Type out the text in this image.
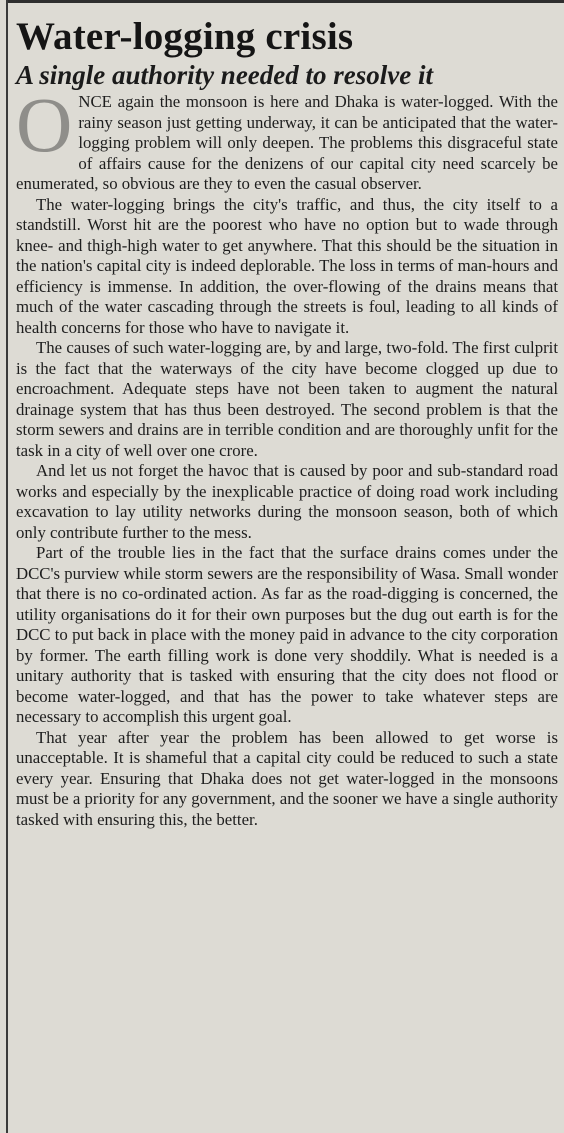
Water-logging crisis
A single authority needed to resolve it

ONCE again the monsoon is here and Dhaka is water-logged. With the rainy season just getting underway, it can be anticipated that the water-logging problem will only deepen. The problems this disgraceful state of affairs cause for the denizens of our capital city need scarcely be enumerated, so obvious are they to even the casual observer.

The water-logging brings the city's traffic, and thus, the city itself to a standstill. Worst hit are the poorest who have no option but to wade through knee- and thigh-high water to get anywhere. That this should be the situation in the nation's capital city is indeed deplorable. The loss in terms of man-hours and efficiency is immense. In addition, the over-flowing of the drains means that much of the water cascading through the streets is foul, leading to all kinds of health concerns for those who have to navigate it.

The causes of such water-logging are, by and large, two-fold. The first culprit is the fact that the waterways of the city have become clogged up due to encroachment. Adequate steps have not been taken to augment the natural drainage system that has thus been destroyed. The second problem is that the storm sewers and drains are in terrible condition and are thoroughly unfit for the task in a city of well over one crore.

And let us not forget the havoc that is caused by poor and sub-standard road works and especially by the inexplicable practice of doing road work including excavation to lay utility networks during the monsoon season, both of which only contribute further to the mess.

Part of the trouble lies in the fact that the surface drains comes under the DCC's purview while storm sewers are the responsibility of Wasa. Small wonder that there is no co-ordinated action. As far as the road-digging is concerned, the utility organisations do it for their own purposes but the dug out earth is for the DCC to put back in place with the money paid in advance to the city corporation by former. The earth filling work is done very shoddily. What is needed is a unitary authority that is tasked with ensuring that the city does not flood or become water-logged, and that has the power to take whatever steps are necessary to accomplish this urgent goal.

That year after year the problem has been allowed to get worse is unacceptable. It is shameful that a capital city could be reduced to such a state every year. Ensuring that Dhaka does not get water-logged in the monsoons must be a priority for any government, and the sooner we have a single authority tasked with ensuring this, the better.
